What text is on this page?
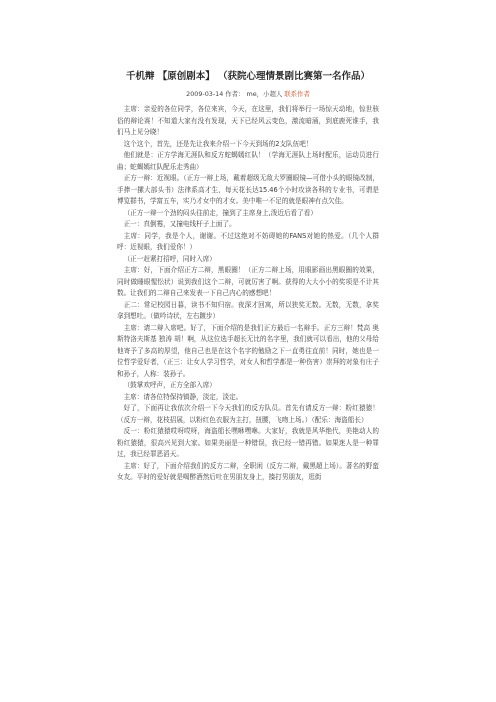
千机辩 【原创剧本】 （获院心理情景剧比赛第一名作品）
2009-03-14 作者： me，小超人 联系作者

主席：亲爱的各位同学，各位来宾，今天，在这里，我们将举行一场惊天动地，惊世骇俗的辩论赛！不知道大家有没有发现，天下已经风云变色，激流暗涌，到底鹿死谁手，我们马上见分晓！

这个这个，首先，还是先让我来介绍一下今天到场的2支队伍吧！

他们就是：正方学海无涯队和反方蛇蝎嫣红队！（学海无涯队上场时配乐，运动员进行曲；蛇蝎嫣红队配乐走秀曲）

正方一辩：近视眼。（正方一辩上场，戴着超级无敌大罗圈眼镜—可借小头的眼镜改制，手捧一摞大部头书）法律系高才生，每天花长达15.46个小时攻读各科的专业书，可谓是博览群书，学富五车，实乃才女中的才女。美中唯一不足的就是眼神有点欠佳。

（正方一辩一个劲的闷头往前走，撞到了主席身上,泼近后看了看）

正一：真倒霉，又撞电线杆子上面了。

主席：同学，我是个人，谢谢。不过这绝对不妨碍她的FANS对她的热爱。（几个人群呼：近视眼，我们爱你！）

（正一赶紧打招呼，同时入席）

主席：好，下面介绍正方二辩，黑眼圈！（正方二辩上场，用眼影画出黑眼圈的效果，同时做睡眼惺忪状）说到我们这个二辩，可就厉害了啊。获得的大大小小的奖项是不计其数。让我们的二辩自己来发表一下自己内心的感想吧！

正二：常记校园日暮，读书不知归宿。夜深才回寓，所以狭奖无数。无数，无数，拿奖拿到想吐。（做吟诗状，左右踱步）

主席：请二辩入席吧。好了，下面介绍的是我们正方最后一名辩手。正方三辩！梵高 奥斯特洛夫斯基 独涛 胡！啊，从这位选手超长无比的名字里，我们就可以看出，他的父母给他寄予了多高的厚望，他自己也是在这个名字的勉励之下一直勇往直前！同时，她也是一位哲学爱好者，（正三：让女人学习哲学，对女人和哲学都是一种伤害）崇拜的对象有庄子和孙子，人称：装孙子。

（鼓掌欢呼声，正方全部入席）

主席：请各位特保持镇静，淡定，淡定。

好了，下面再让我依次介绍一下今天我们的反方队员。首先有请反方一辩：粉红猿猿！（反方一辩，花枝招展，以粉红色衣服为主打，扭腰，飞吻上场。）（配乐：海盗船长）

反一：粉红猿猿哎呀哎呀，海盗船长嘿咻嘿咻。大家好，我就是风华绝代，美艳动人的粉红猿猿，很高兴见到大家。如果美丽是一种错误，我已经一错再错。如果迷人是一种罪过，我已经罪恶滔天。

主席：好了，下面介绍我们的反方二辩，全职闲（反方二辩，戴黑超上场）。著名的野蛮女友。平时的爱好就是喝醉酒然后吐在男朋友身上，揍打男朋友，逛街
